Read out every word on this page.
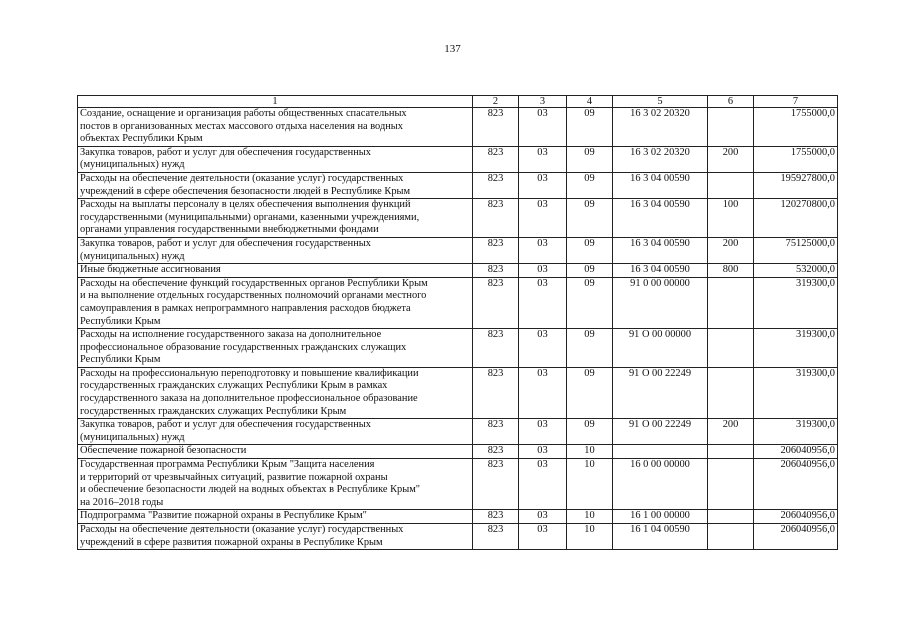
137
1	2	3	4	5	6	7

Создание, оснащение и организация работы общественных спасательных
постов в организованных местах массового отдыха населения на водных
объектах Республики Крым	823	03	09	16 3 02 20320		1755000,0

Закупка товаров, работ и услуг для обеспечения государственных
(муниципальных) нужд	823	03	09	16 3 02 20320	200	1755000,0

Расходы на обеспечение деятельности (оказание услуг) государственных
учреждений в сфере обеспечения безопасности людей в Республике Крым	823	03	09	16 3 04 00590		195927800,0

Расходы на выплаты персоналу в целях обеспечения выполнения функций
государственными (муниципальными) органами, казенными учреждениями,
органами управления государственными внебюджетными фондами	823	03	09	16 3 04 00590	100	120270800,0

Закупка товаров, работ и услуг для обеспечения государственных
(муниципальных) нужд	823	03	09	16 3 04 00590	200	75125000,0

Иные бюджетные ассигнования	823	03	09	16 3 04 00590	800	532000,0

Расходы на обеспечение функций государственных органов Республики Крым
и на выполнение отдельных государственных полномочий органами местного
самоуправления в рамках непрограммного направления расходов бюджета
Республики Крым	823	03	09	91 0 00 00000		319300,0

Расходы на исполнение государственного заказа на дополнительное
профессиональное образование государственных гражданских служащих
Республики Крым	823	03	09	91 О 00 00000		319300,0

Расходы на профессиональную переподготовку и повышение квалификации
государственных гражданских служащих Республики Крым в рамках
государственного заказа на дополнительное профессиональное образование
государственных гражданских служащих Республики Крым	823	03	09	91 О 00 22249		319300,0

Закупка товаров, работ и услуг для обеспечения государственных
(муниципальных) нужд	823	03	09	91 О 00 22249	200	319300,0

Обеспечение пожарной безопасности	823	03	10			206040956,0

Государственная программа Республики Крым "Защита населения
и территорий от чрезвычайных ситуаций, развитие пожарной охраны
и обеспечение безопасности людей на водных объектах в Республике Крым"
на 2016–2018 годы	823	03	10	16 0 00 00000		206040956,0

Подпрограмма "Развитие пожарной охраны в Республике Крым"	823	03	10	16 1 00 00000		206040956,0

Расходы на обеспечение деятельности (оказание услуг) государственных
учреждений в сфере развития пожарной охраны в Республике Крым	823	03	10	16 1 04 00590		206040956,0
